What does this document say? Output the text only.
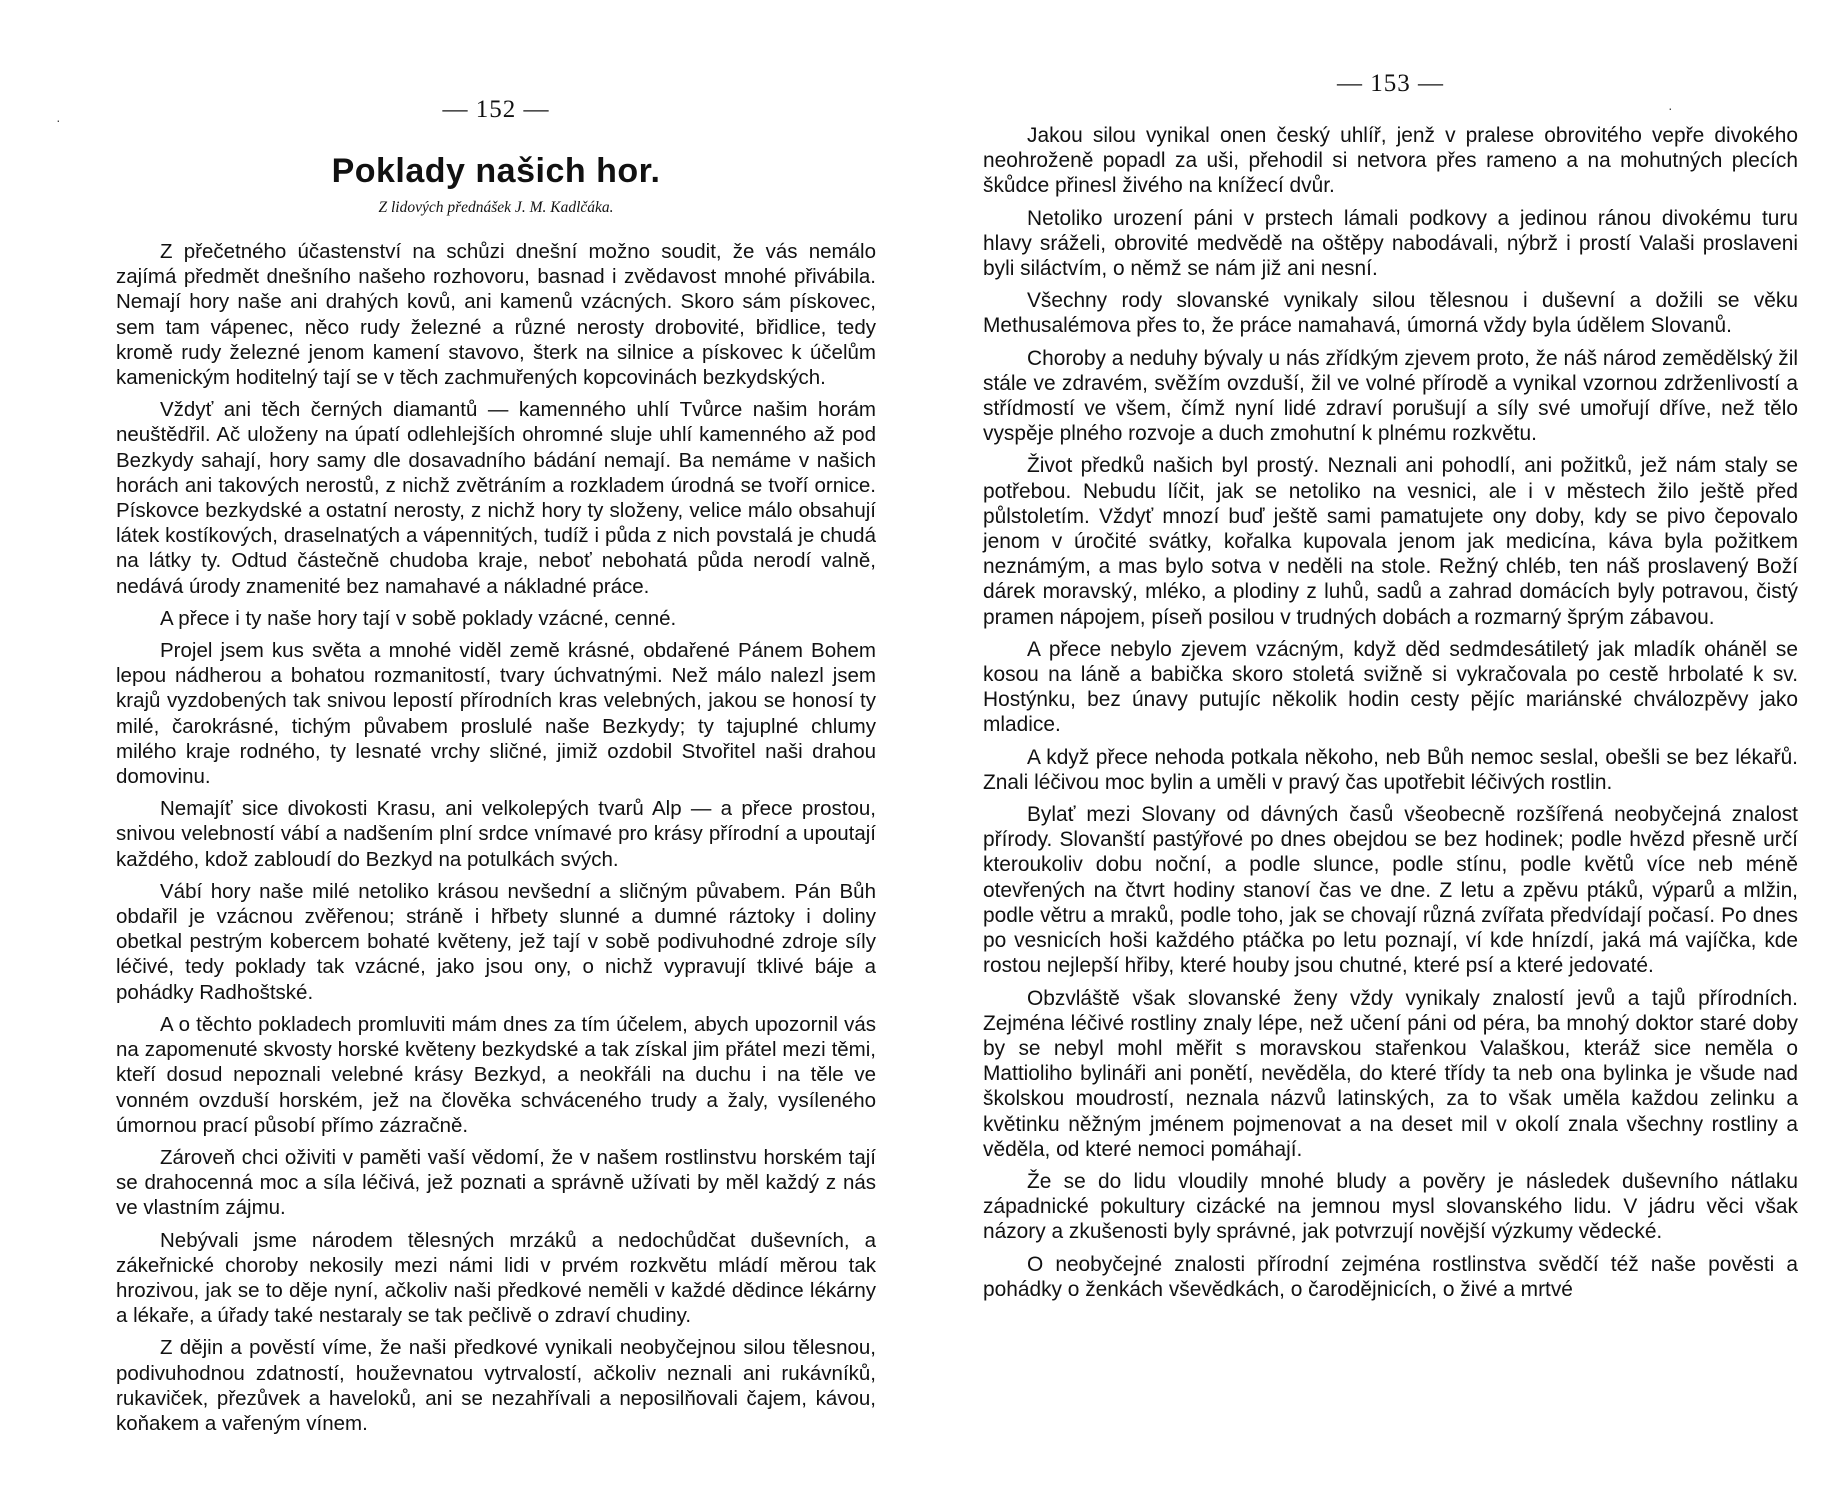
·
·
— 152 —
Poklady našich hor.
Z lidových přednášek J. M. Kadlčáka.

Z přečetného účastenství na schůzi dnešní možno soudit, že vás nemálo zajímá předmět dnešního našeho rozhovoru, basnad i zvědavost mnohé přivábila. Nemají hory naše ani drahých kovů, ani kamenů vzácných. Skoro sám pískovec, sem tam vápenec, něco rudy železné a různé nerosty drobovité, břidlice, tedy kromě rudy železné jenom kamení stavovo, šterk na silnice a pískovec k účelům kamenickým hoditelný tají se v těch zachmuřených kopcovinách bezkydských.

Vždyť ani těch černých diamantů — kamenného uhlí Tvůrce našim horám neuštědřil. Ač uloženy na úpatí odlehlejších ohromné sluje uhlí kamenného až pod Bezkydy sahají, hory samy dle dosavadního bádání nemají. Ba nemáme v našich horách ani takových nerostů, z nichž zvětráním a rozkladem úrodná se tvoří ornice. Pískovce bezkydské a ostatní nerosty, z nichž hory ty složeny, velice málo obsahují látek kostíkových, draselnatých a vápennitých, tudíž i půda z nich povstalá je chudá na látky ty. Odtud částečně chudoba kraje, neboť nebohatá půda nerodí valně, nedává úrody znamenité bez namahavé a nákladné práce.

A přece i ty naše hory tají v sobě poklady vzácné, cenné.

Projel jsem kus světa a mnohé viděl země krásné, obdařené Pánem Bohem lepou nádherou a bohatou rozmanitostí, tvary úchvatnými. Než málo nalezl jsem krajů vyzdobených tak snivou lepostí přírodních kras velebných, jakou se honosí ty milé, čarokrásné, tichým půvabem proslulé naše Bezkydy; ty tajuplné chlumy milého kraje rodného, ty lesnaté vrchy sličné, jimiž ozdobil Stvořitel naši drahou domovinu.

Nemajíť sice divokosti Krasu, ani velkolepých tvarů Alp — a přece prostou, snivou velebností vábí a nadšením plní srdce vnímavé pro krásy přírodní a upoutají každého, kdož zabloudí do Bezkyd na potulkách svých.

Vábí hory naše milé netoliko krásou nevšední a sličným půvabem. Pán Bůh obdařil je vzácnou zvěřenou; stráně i hřbety slunné a dumné ráztoky i doliny obetkal pestrým kobercem bohaté květeny, jež tají v sobě podivuhodné zdroje síly léčivé, tedy poklady tak vzácné, jako jsou ony, o nichž vypravují tklivé báje a pohádky Radhoštské.

A o těchto pokladech promluviti mám dnes za tím účelem, abych upozornil vás na zapomenuté skvosty horské květeny bezkydské a tak získal jim přátel mezi těmi, kteří dosud nepoznali velebné krásy Bezkyd, a neokřáli na duchu i na těle ve vonném ovzduší horském, jež na člověka schváceného trudy a žaly, vysíleného úmornou prací působí přímo zázračně.

Zároveň chci oživiti v paměti vaší vědomí, že v našem rostlinstvu horském tají se drahocenná moc a síla léčivá, jež poznati a správně užívati by měl každý z nás ve vlastním zájmu.

Nebývali jsme národem tělesných mrzáků a nedochůdčat duševních, a zákeřnické choroby nekosily mezi námi lidi v prvém rozkvětu mládí měrou tak hrozivou, jak se to děje nyní, ačkoliv naši předkové neměli v každé dědince lékárny a lékaře, a úřady také nestaraly se tak pečlivě o zdraví chudiny.

Z dějin a pověstí víme, že naši předkové vynikali neobyčejnou silou tělesnou, podivuhodnou zdatností, houževnatou vytrvalostí, ačkoliv neznali ani rukávníků, rukaviček, přezůvek a haveloků, ani se nezahřívali a neposilňovali čajem, kávou, koňakem a vařeným vínem.

— 153 —

Jakou silou vynikal onen český uhlíř, jenž v pralese obrovitého vepře divokého neohroženě popadl za uši, přehodil si netvora přes rameno a na mohutných plecích škůdce přinesl živého na knížecí dvůr.

Netoliko urození páni v prstech lámali podkovy a jedinou ránou divokému turu hlavy sráželi, obrovité medvědě na oštěpy nabodávali, nýbrž i prostí Valaši proslaveni byli siláctvím, o němž se nám již ani nesní.

Všechny rody slovanské vynikaly silou tělesnou i duševní a dožili se věku Methusalémova přes to, že práce namahavá, úmorná vždy byla údělem Slovanů.

Choroby a neduhy bývaly u nás zřídkým zjevem proto, že náš národ zemědělský žil stále ve zdravém, svěžím ovzduší, žil ve volné přírodě a vynikal vzornou zdrženlivostí a střídmostí ve všem, čímž nyní lidé zdraví porušují a síly své umořují dříve, než tělo vyspěje plného rozvoje a duch zmohutní k plnému rozkvětu.

Život předků našich byl prostý. Neznali ani pohodlí, ani požitků, jež nám staly se potřebou. Nebudu líčit, jak se netoliko na vesnici, ale i v městech žilo ještě před půlstoletím. Vždyť mnozí buď ještě sami pamatujete ony doby, kdy se pivo čepovalo jenom v úročité svátky, kořalka kupovala jenom jak medicína, káva byla požitkem neznámým, a mas bylo sotva v neděli na stole. Režný chléb, ten náš proslavený Boží dárek moravský, mléko, a plodiny z luhů, sadů a zahrad domácích byly potravou, čistý pramen nápojem, píseň posilou v trudných dobách a rozmarný šprým zábavou.

A přece nebylo zjevem vzácným, když děd sedmdesátiletý jak mladík oháněl se kosou na láně a babička skoro stoletá svižně si vykračovala po cestě hrbolaté k sv. Hostýnku, bez únavy putujíc několik hodin cesty pějíc mariánské chválozpěvy jako mladice.

A když přece nehoda potkala někoho, neb Bůh nemoc seslal, obešli se bez lékařů. Znali léčivou moc bylin a uměli v pravý čas upotřebit léčivých rostlin.

Bylať mezi Slovany od dávných časů všeobecně rozšířená neobyčejná znalost přírody. Slovanští pastýřové po dnes obejdou se bez hodinek; podle hvězd přesně určí kteroukoliv dobu noční, a podle slunce, podle stínu, podle květů více neb méně otevřených na čtvrt hodiny stanoví čas ve dne. Z letu a zpěvu ptáků, výparů a mlžin, podle větru a mraků, podle toho, jak se chovají různá zvířata předvídají počasí. Po dnes po vesnicích hoši každého ptáčka po letu poznají, ví kde hnízdí, jaká má vajíčka, kde rostou nejlepší hřiby, které houby jsou chutné, které psí a které jedovaté.

Obzvláště však slovanské ženy vždy vynikaly znalostí jevů a tajů přírodních. Zejména léčivé rostliny znaly lépe, než učení páni od péra, ba mnohý doktor staré doby by se nebyl mohl měřit s moravskou stařenkou Valaškou, kteráž sice neměla o Mattioliho bylináři ani ponětí, nevěděla, do které třídy ta neb ona bylinka je všude nad školskou moudrostí, neznala názvů latinských, za to však uměla každou zelinku a květinku něžným jménem pojmenovat a na deset mil v okolí znala všechny rostliny a věděla, od které nemoci pomáhají.

Že se do lidu vloudily mnohé bludy a pověry je následek duševního nátlaku západnické pokultury cizácké na jemnou mysl slovanského lidu. V jádru věci však názory a zkušenosti byly správné, jak potvrzují novější výzkumy vědecké.

O neobyčejné znalosti přírodní zejména rostlinstva svědčí též naše pověsti a pohádky o ženkách vševědkách, o čarodějnicích, o živé a mrtvé
